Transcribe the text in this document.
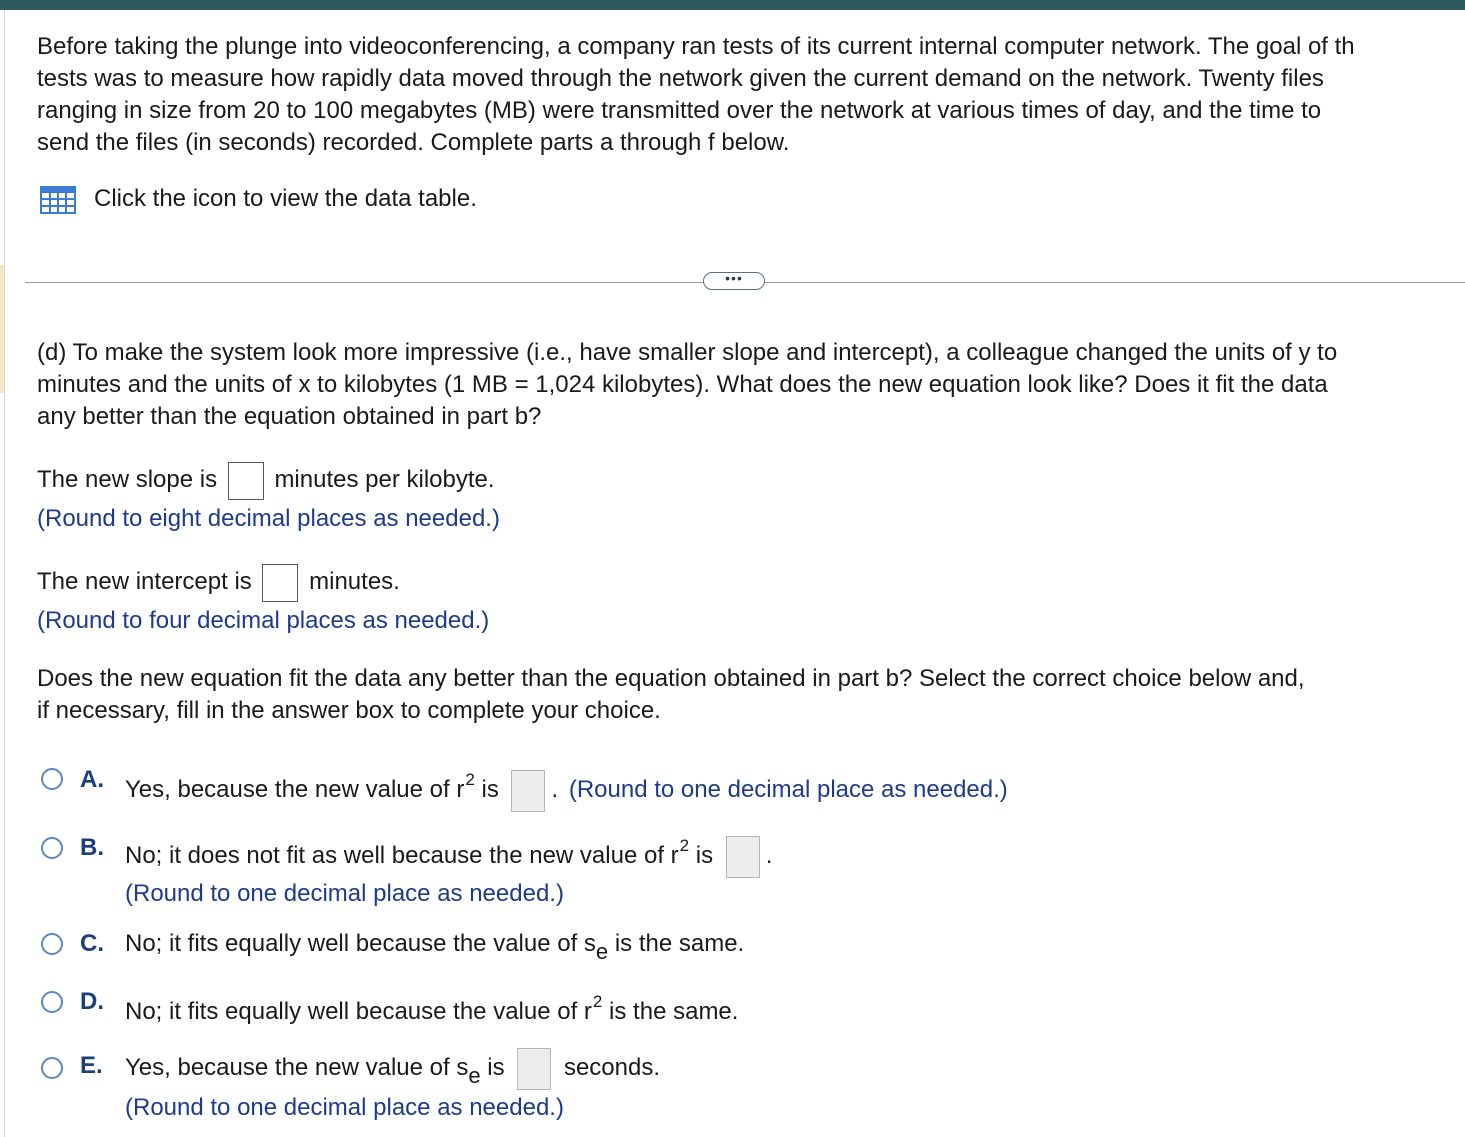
Before taking the plunge into videoconferencing, a company ran tests of its current internal computer network. The goal of th
tests was to measure how rapidly data moved through the network given the current demand on the network. Twenty files
ranging in size from 20 to 100 megabytes (MB) were transmitted over the network at various times of day, and the time to
send the files (in seconds) recorded. Complete parts a through f below.
Click the icon to view the data table.
•••
(d) To make the system look more impressive (i.e., have smaller slope and intercept), a colleague changed the units of y to
minutes and the units of x to kilobytes (1 MB = 1,024 kilobytes). What does the new equation look like? Does it fit the data
any better than the equation obtained in part b?
The new slope is minutes per kilobyte.
(Round to eight decimal places as needed.)
The new intercept is minutes.
(Round to four decimal places as needed.)
Does the new equation fit the data any better than the equation obtained in part b? Select the correct choice below and,
if necessary, fill in the answer box to complete your choice.
A. Yes, because the new value of $r^2$ is . (Round to one decimal place as needed.)
B. No; it does not fit as well because the new value of $r^2$ is .
(Round to one decimal place as needed.)
C. No; it fits equally well because the value of $s_e$ is the same.
D. No; it fits equally well because the value of $r^2$ is the same.
E. Yes, because the new value of $s_e$ is seconds.
(Round to one decimal place as needed.)
